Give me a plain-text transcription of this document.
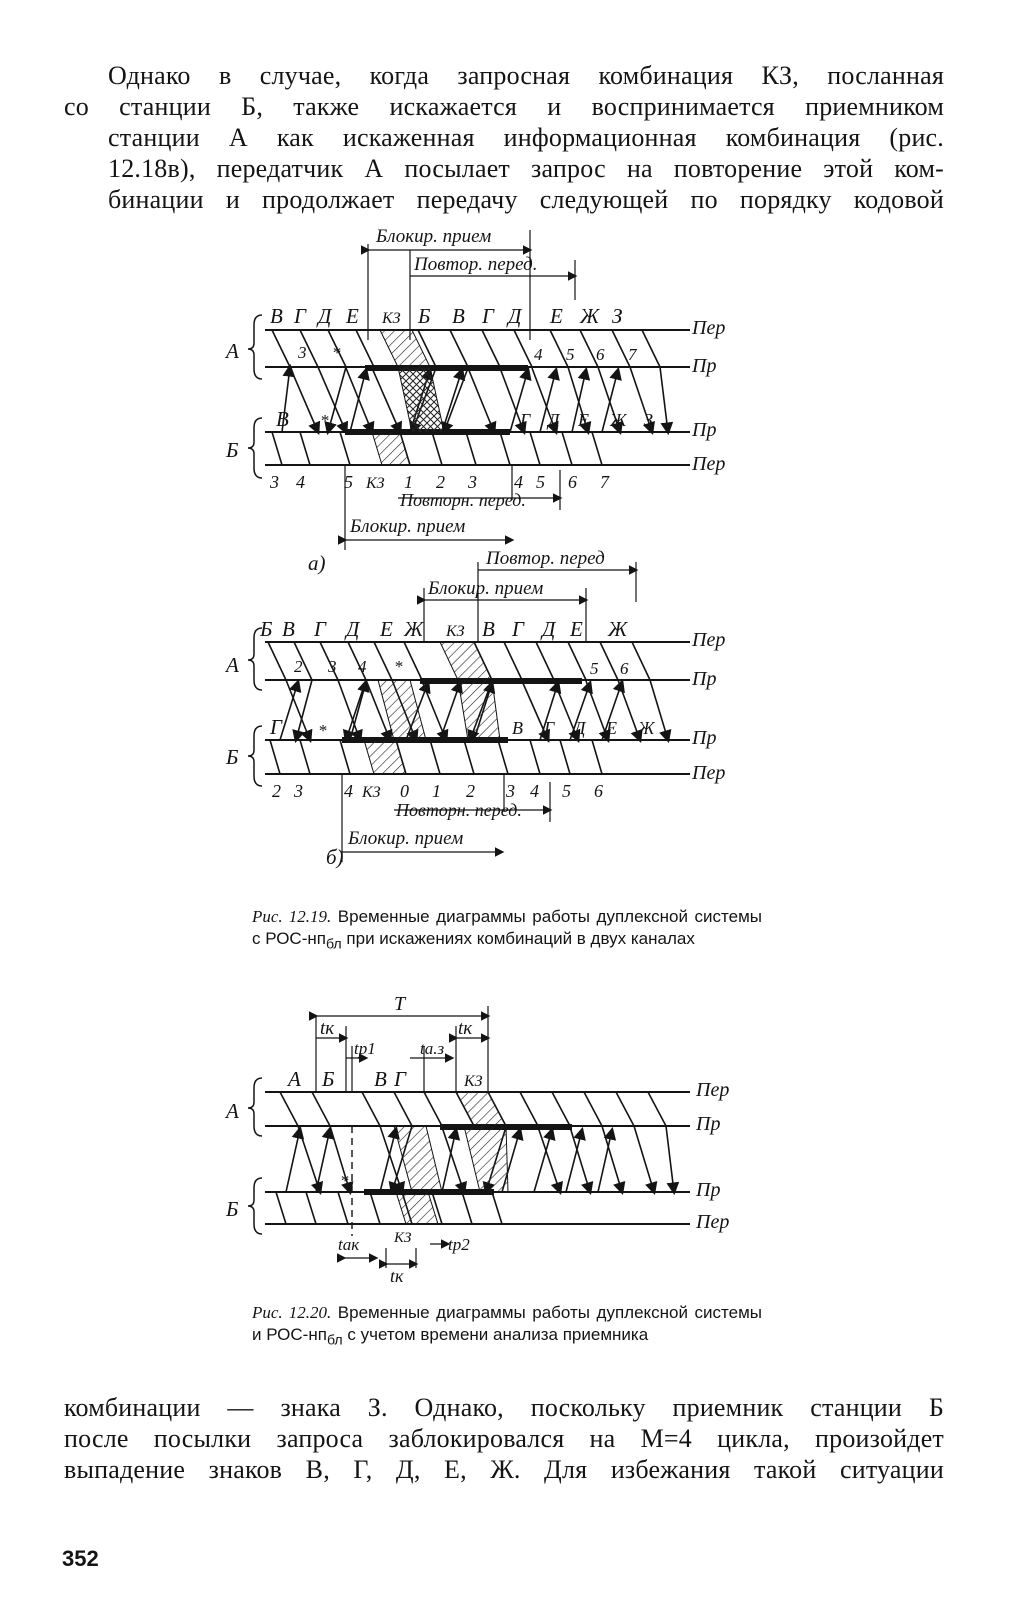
Однако в случае, когда запросная комбинация КЗ, посланная
со станции Б, также искажается и воспринимается приемником
станции А как искаженная информационная комбинация (рис.
12.18в), передатчик А посылает запрос на повторение этой ком-
бинации и продолжает передачу следующей по порядку кодовой
Блокир. прием
Повтор. перед.
В Г Д Е КЗ Б В Г Д Е Ж З
3 *	4 5 6 7
В *	Г Д Е Ж З
3 4 5 КЗ 1 2 3 4 5 6 7
А
Б
Пер
Пр
Пр
Пер
Повторн. перед.
Блокир. прием
а)	Повтор. перед
Блокир. прием
Б В Г Д Е Ж КЗ В Г Д Е Ж
2 3 4 *	5 6
Г *	В Г Д Е Ж
2 3 4 КЗ 0 1 2 3 4 5 6
А
Б
Пер
Пр
Пр
Пер
Повторн. перед.
Блокир. прием
б)
Рис. 12.19. Временные диаграммы работы дуплексной системы с РОС-$нп_{бл}$ при искажениях комбинаций в двух каналах
T
tк	tк
tр1	tа.з
А Б В Г	КЗ
*
КЗ
tак	tр2
tк
А
Б
Пер
Пр
Пр
Пер
Рис. 12.20. Временные диаграммы работы дуплексной системы и РОС-$нп_{бл}$ с учетом времени анализа приемника
комбинации — знака З. Однако, поскольку приемник станции Б
после посылки запроса заблокировался на M=4 цикла, произойдет
выпадение знаков В, Г, Д, Е, Ж. Для избежания такой ситуации
352
